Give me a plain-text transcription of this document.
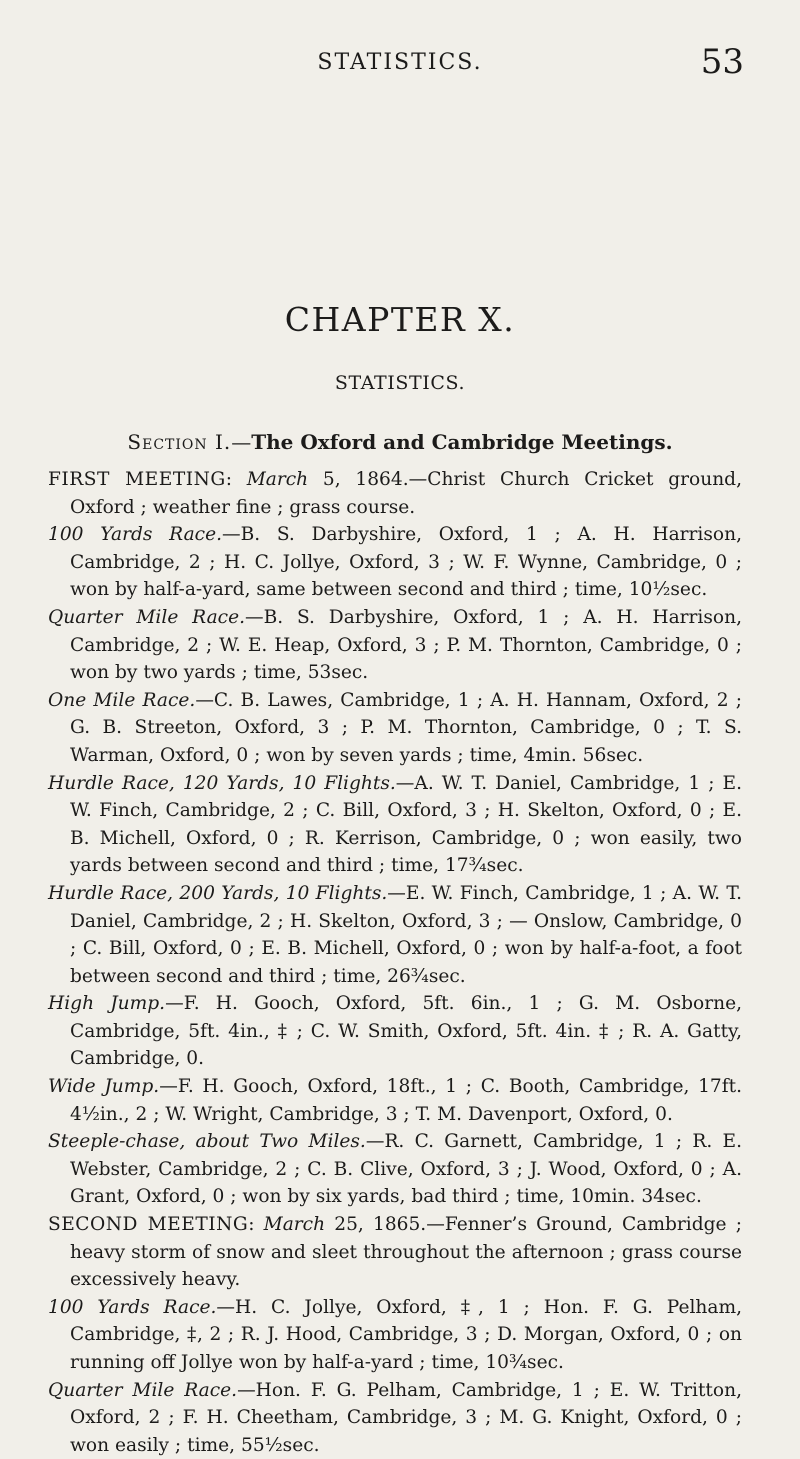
STATISTICS.	53
CHAPTER X.
STATISTICS.
Section I.—The Oxford and Cambridge Meetings.

FIRST MEETING: March 5, 1864.—Christ Church Cricket ground, Oxford ; weather fine ; grass course.

100 Yards Race.—B. S. Darbyshire, Oxford, 1 ; A. H. Harrison, Cambridge, 2 ; H. C. Jollye, Oxford, 3 ; W. F. Wynne, Cambridge, 0 ; won by half-a-yard, same between second and third ; time, 10½sec.

Quarter Mile Race.—B. S. Darbyshire, Oxford, 1 ; A. H. Harrison, Cambridge, 2 ; W. E. Heap, Oxford, 3 ; P. M. Thornton, Cambridge, 0 ; won by two yards ; time, 53sec.

One Mile Race.—C. B. Lawes, Cambridge, 1 ; A. H. Hannam, Oxford, 2 ; G. B. Streeton, Oxford, 3 ; P. M. Thornton, Cambridge, 0 ; T. S. Warman, Oxford, 0 ; won by seven yards ; time, 4min. 56sec.

Hurdle Race, 120 Yards, 10 Flights.—A. W. T. Daniel, Cambridge, 1 ; E. W. Finch, Cambridge, 2 ; C. Bill, Oxford, 3 ; H. Skelton, Oxford, 0 ; E. B. Michell, Oxford, 0 ; R. Kerrison, Cambridge, 0 ; won easily, two yards between second and third ; time, 17¾sec.

Hurdle Race, 200 Yards, 10 Flights.—E. W. Finch, Cambridge, 1 ; A. W. T. Daniel, Cambridge, 2 ; H. Skelton, Oxford, 3 ; — Onslow, Cambridge, 0 ; C. Bill, Oxford, 0 ; E. B. Michell, Oxford, 0 ; won by half-a-foot, a foot between second and third ; time, 26¾sec.

High Jump.—F. H. Gooch, Oxford, 5ft. 6in., 1 ; G. M. Osborne, Cambridge, 5ft. 4in., ‡ ; C. W. Smith, Oxford, 5ft. 4in. ‡ ; R. A. Gatty, Cambridge, 0.

Wide Jump.—F. H. Gooch, Oxford, 18ft., 1 ; C. Booth, Cambridge, 17ft. 4½in., 2 ; W. Wright, Cambridge, 3 ; T. M. Davenport, Oxford, 0.

Steeple-chase, about Two Miles.—R. C. Garnett, Cambridge, 1 ; R. E. Webster, Cambridge, 2 ; C. B. Clive, Oxford, 3 ; J. Wood, Oxford, 0 ; A. Grant, Oxford, 0 ; won by six yards, bad third ; time, 10min. 34sec.

SECOND MEETING: March 25, 1865.—Fenner’s Ground, Cambridge ; heavy storm of snow and sleet throughout the afternoon ; grass course excessively heavy.

100 Yards Race.—H. C. Jollye, Oxford, ‡, 1 ; Hon. F. G. Pelham, Cambridge, ‡, 2 ; R. J. Hood, Cambridge, 3 ; D. Morgan, Oxford, 0 ; on running off Jollye won by half-a-yard ; time, 10¾sec.

Quarter Mile Race.—Hon. F. G. Pelham, Cambridge, 1 ; E. W. Tritton, Oxford, 2 ; F. H. Cheetham, Cambridge, 3 ; M. G. Knight, Oxford, 0 ; won easily ; time, 55½sec.
